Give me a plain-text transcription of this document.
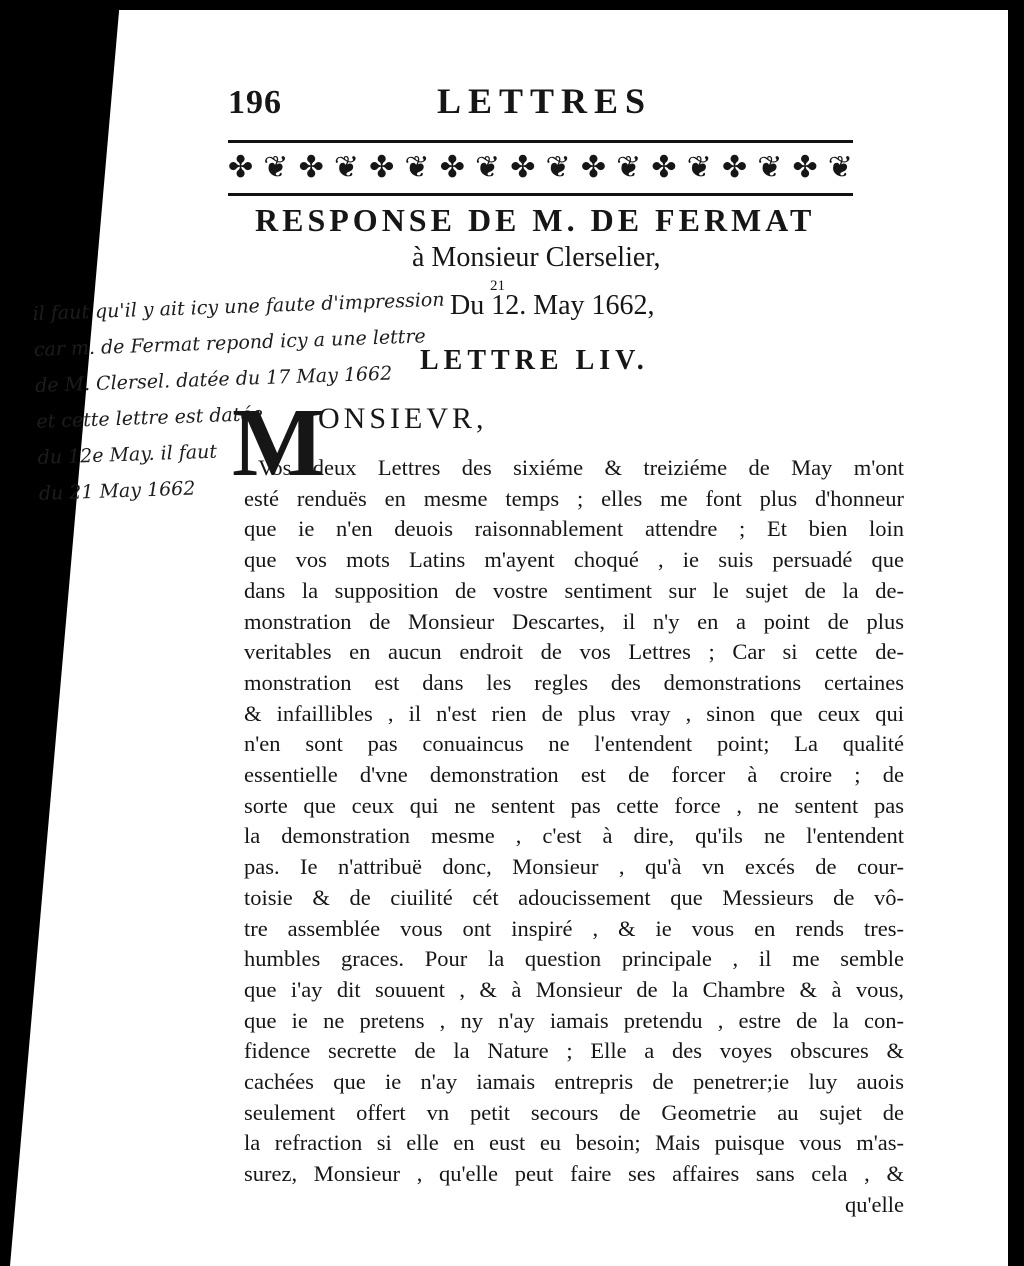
196	LETTRES
✤ ❦ ✤ ❦ ✤ ❦ ✤ ❦ ✤ ❦ ✤ ❦ ✤ ❦ ✤ ❦ ✤ ❦
RESPONSE DE M. DE FERMAT
à Monsieur Clerselier,
21
Du 12. May 1662,
LETTRE LIV.
il faut qu'il y ait icy une faute d'impression
car m. de Fermat repond icy a une lettre
de M. Clersel. datée du 17 May 1662
et cette lettre est datée
du 12e May. il faut
du 21 May 1662 M
ONSIEVR,
Vos deux Lettres des sixiéme & treiziéme de May m'ont
esté renduës en mesme temps ; elles me font plus d'honneur
que ie n'en deuois raisonnablement attendre ; Et bien loin
que vos mots Latins m'ayent choqué , ie suis persuadé que
dans la supposition de vostre sentiment sur le sujet de la de-
monstration de Monsieur Descartes, il n'y en a point de plus
veritables en aucun endroit de vos Lettres ; Car si cette de-
monstration est dans les regles des demonstrations certaines
& infaillibles , il n'est rien de plus vray , sinon que ceux qui
n'en sont pas conuaincus ne l'entendent point; La qualité
essentielle d'vne demonstration est de forcer à croire ; de
sorte que ceux qui ne sentent pas cette force , ne sentent pas
la demonstration mesme , c'est à dire, qu'ils ne l'entendent
pas. Ie n'attribuë donc, Monsieur , qu'à vn excés de cour-
toisie & de ciuilité cét adoucissement que Messieurs de vô-
tre assemblée vous ont inspiré , & ie vous en rends tres-
humbles graces. Pour la question principale , il me semble
que i'ay dit souuent , & à Monsieur de la Chambre & à vous,
que ie ne pretens , ny n'ay iamais pretendu , estre de la con-
fidence secrette de la Nature ; Elle a des voyes obscures &
cachées que ie n'ay iamais entrepris de penetrer;ie luy auois
seulement offert vn petit secours de Geometrie au sujet de
la refraction si elle en eust eu besoin; Mais puisque vous m'as-
surez, Monsieur , qu'elle peut faire ses affaires sans cela , &
qu'elle
